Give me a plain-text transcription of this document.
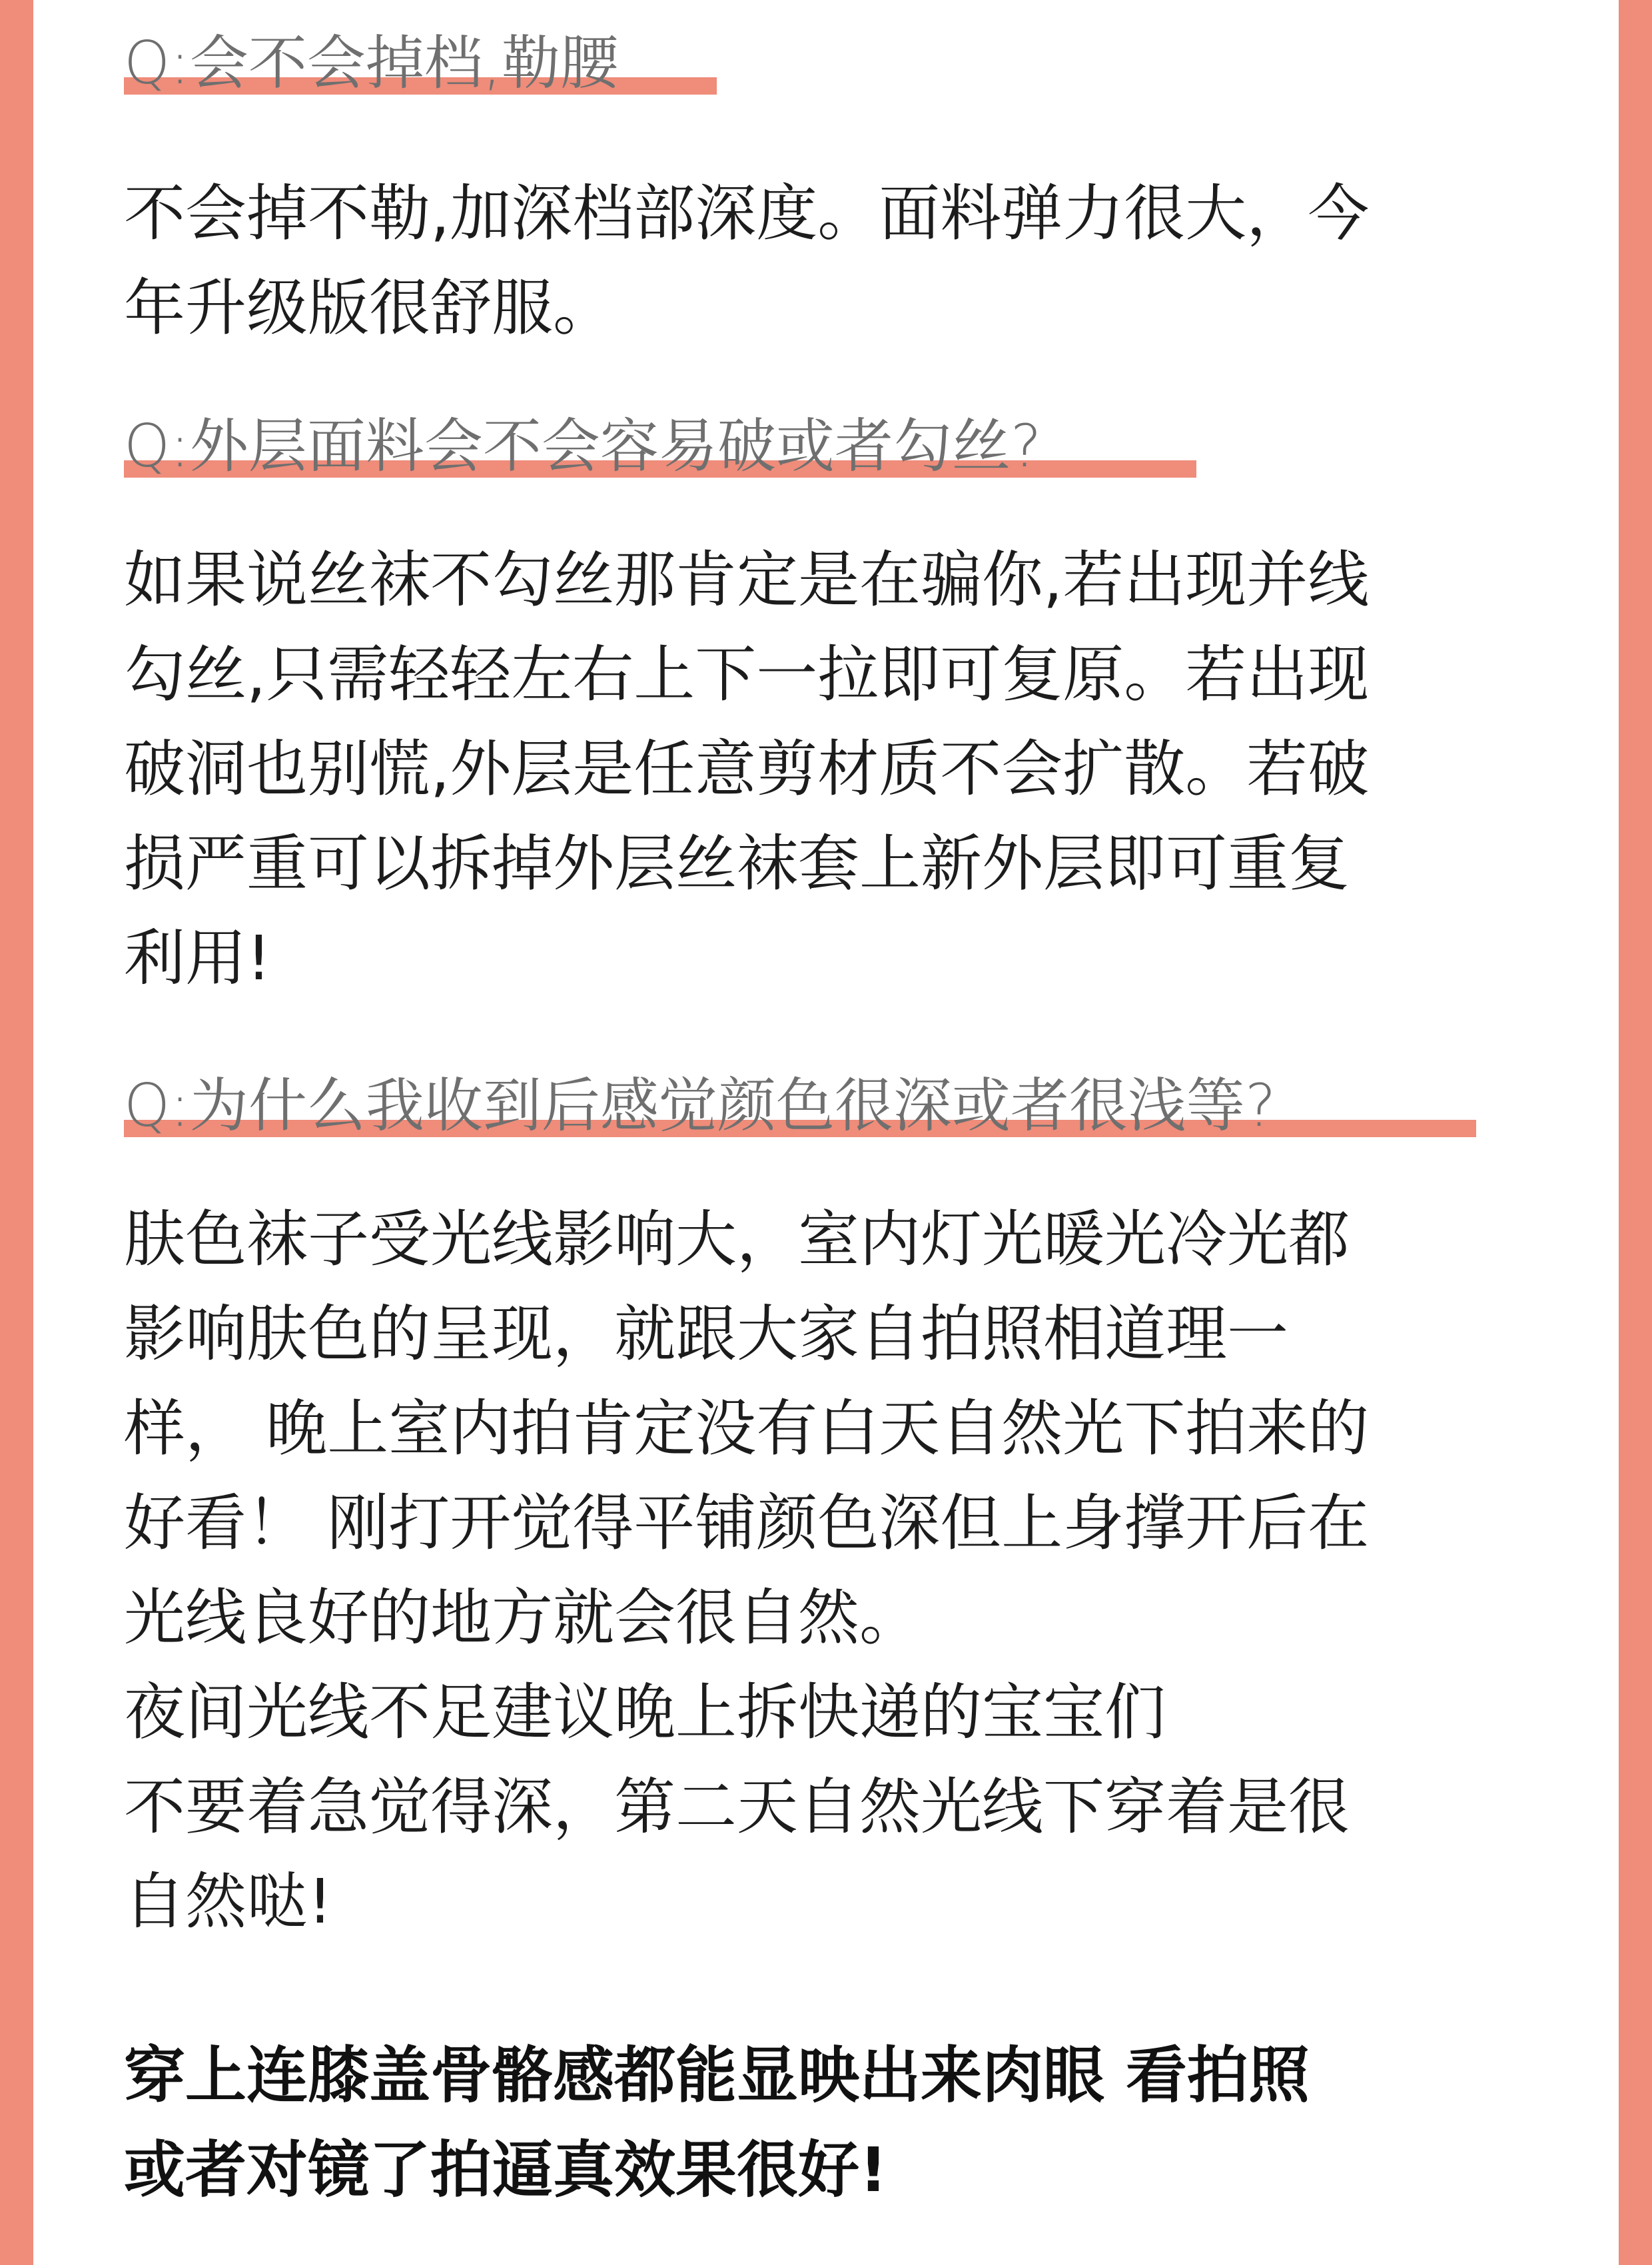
Q:会不会掉档,勒腰
不会掉不勒,加深档部深度。面料弹力很大，今
年升级版很舒服。
Q:外层面料会不会容易破或者勾丝?
如果说丝袜不勾丝那肯定是在骗你,若出现并线
勾丝,只需轻轻左右上下一拉即可复原。若出现
破洞也别慌,外层是任意剪材质不会扩散。若破
损严重可以拆掉外层丝袜套上新外层即可重复
利用!
Q:为什么我收到后感觉颜色很深或者很浅等?
肤色袜子受光线影响大，室内灯光暖光冷光都
影响肤色的呈现，就跟大家自拍照相道理一
样， 晚上室内拍肯定没有白天自然光下拍来的
好看！ 刚打开觉得平铺颜色深但上身撑开后在
光线良好的地方就会很自然。
夜间光线不足建议晚上拆快递的宝宝们
不要着急觉得深，第二天自然光线下穿着是很
自然哒!
穿上连膝盖骨骼感都能显映出来肉眼 看拍照
或者对镜了拍逼真效果很好!
